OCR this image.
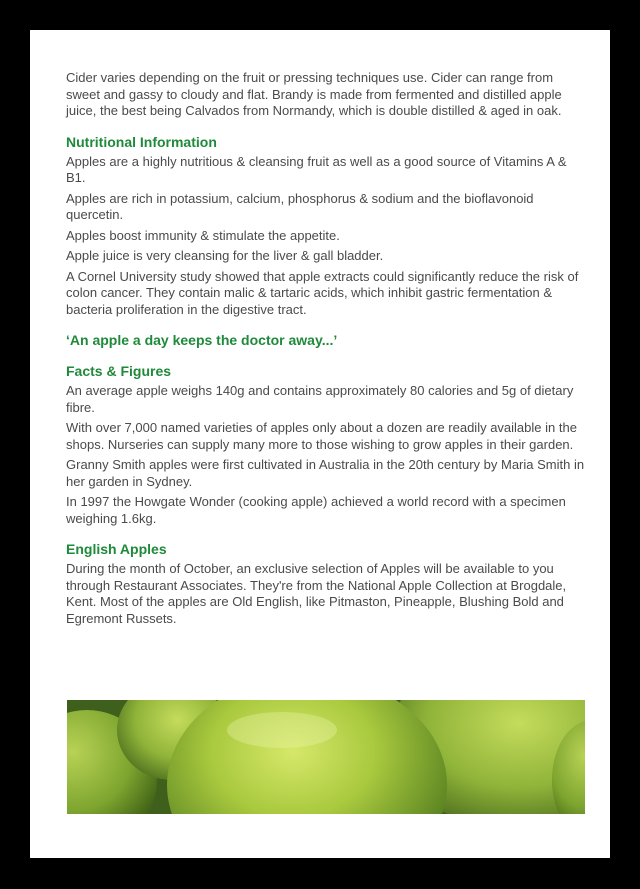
Cider varies depending on the fruit or pressing techniques use. Cider can range from sweet and gassy to cloudy and flat. Brandy is made from fermented and distilled apple juice, the best being Calvados from Normandy, which is double distilled & aged in oak.

Nutritional Information

Apples are a highly nutritious & cleansing fruit as well as a good source of Vitamins A & B1.

Apples are rich in potassium, calcium, phosphorus & sodium and the bioflavonoid quercetin.

Apples boost immunity & stimulate the appetite.

Apple juice is very cleansing for the liver & gall bladder.

A Cornel University study showed that apple extracts could significantly reduce the risk of colon cancer. They contain malic & tartaric acids, which inhibit gastric fermentation & bacteria proliferation in the digestive tract.

‘An apple a day keeps the doctor away...’
Facts & Figures

An average apple weighs 140g and contains approximately 80 calories and 5g of dietary fibre.

With over 7,000 named varieties of apples only about a dozen are readily available in the shops. Nurseries can supply many more to those wishing to grow apples in their garden.

Granny Smith apples were first cultivated in Australia in the 20th century by Maria Smith in her garden in Sydney.

In 1997 the Howgate Wonder (cooking apple) achieved a world record with a specimen weighing 1.6kg.

English Apples

During the month of October, an exclusive selection of Apples will be available to you through Restaurant Associates. They're from the National Apple Collection at Brogdale, Kent. Most of the apples are Old English, like Pitmaston, Pineapple, Blushing Bold and Egremont Russets.
